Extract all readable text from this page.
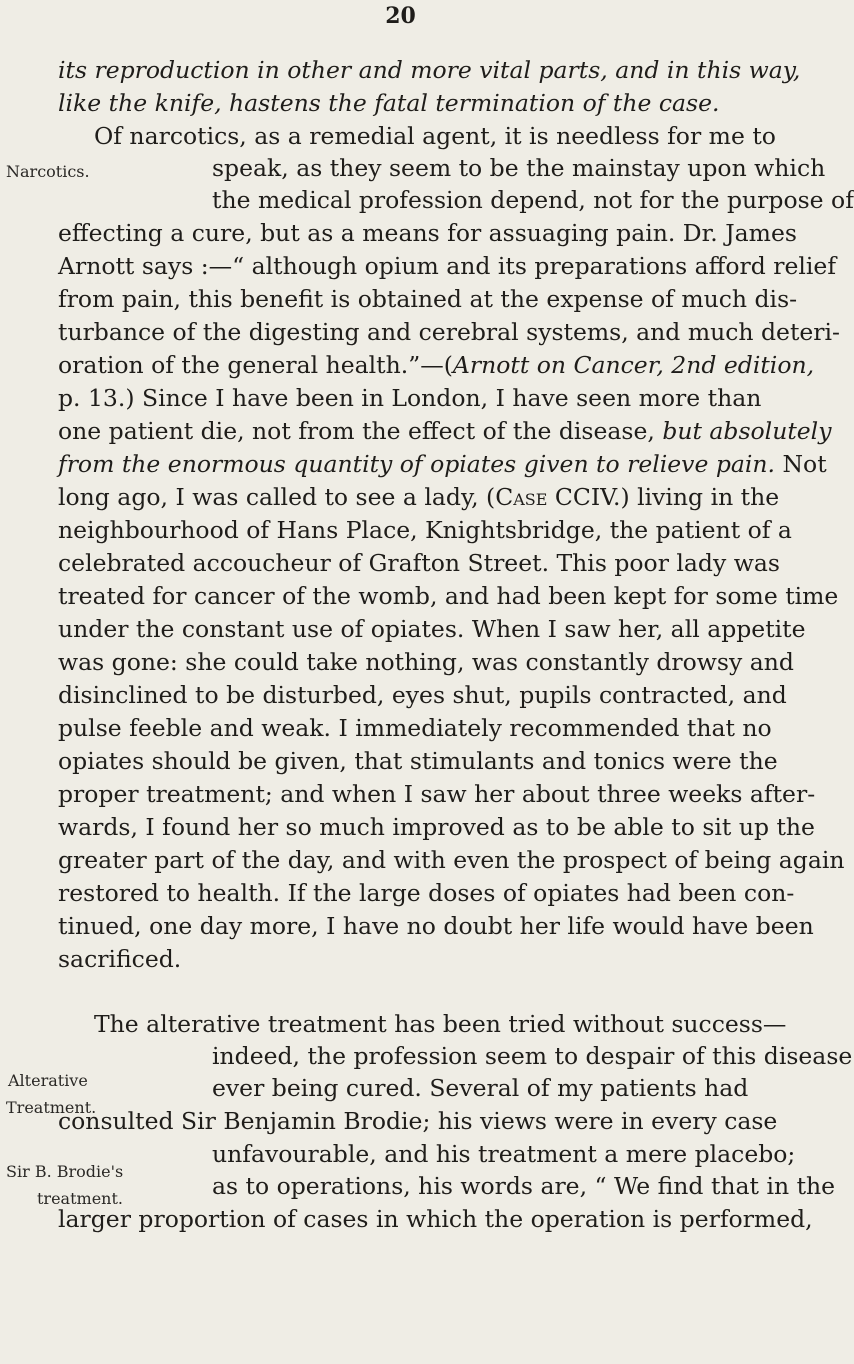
20
Narcotics.
Alterative
Treatment.
Sir B. Brodie's
treatment.
its reproduction in other and more vital parts, and in this way,
like the knife, hastens the fatal termination of the case.
Of narcotics, as a remedial agent, it is needless for me to
speak, as they seem to be the mainstay upon which
the medical profession depend, not for the purpose of
effecting a cure, but as a means for assuaging pain. Dr. James
Arnott says :—“ although opium and its preparations afford relief
from pain, this benefit is obtained at the expense of much dis-
turbance of the digesting and cerebral systems, and much deteri-
oration of the general health.”—(Arnott on Cancer, 2nd edition,
p. 13.) Since I have been in London, I have seen more than
one patient die, not from the effect of the disease, but absolutely
from the enormous quantity of opiates given to relieve pain. Not
long ago, I was called to see a lady, (Case CCIV.) living in the
neighbourhood of Hans Place, Knightsbridge, the patient of a
celebrated accoucheur of Grafton Street. This poor lady was
treated for cancer of the womb, and had been kept for some time
under the constant use of opiates. When I saw her, all appetite
was gone: she could take nothing, was constantly drowsy and
disinclined to be disturbed, eyes shut, pupils contracted, and
pulse feeble and weak. I immediately recommended that no
opiates should be given, that stimulants and tonics were the
proper treatment; and when I saw her about three weeks after-
wards, I found her so much improved as to be able to sit up the
greater part of the day, and with even the prospect of being again
restored to health. If the large doses of opiates had been con-
tinued, one day more, I have no doubt her life would have been
sacrificed.
The alterative treatment has been tried without success—
indeed, the profession seem to despair of this disease
ever being cured. Several of my patients had
consulted Sir Benjamin Brodie; his views were in every case
unfavourable, and his treatment a mere placebo;
as to operations, his words are, “ We find that in the
larger proportion of cases in which the operation is performed,
